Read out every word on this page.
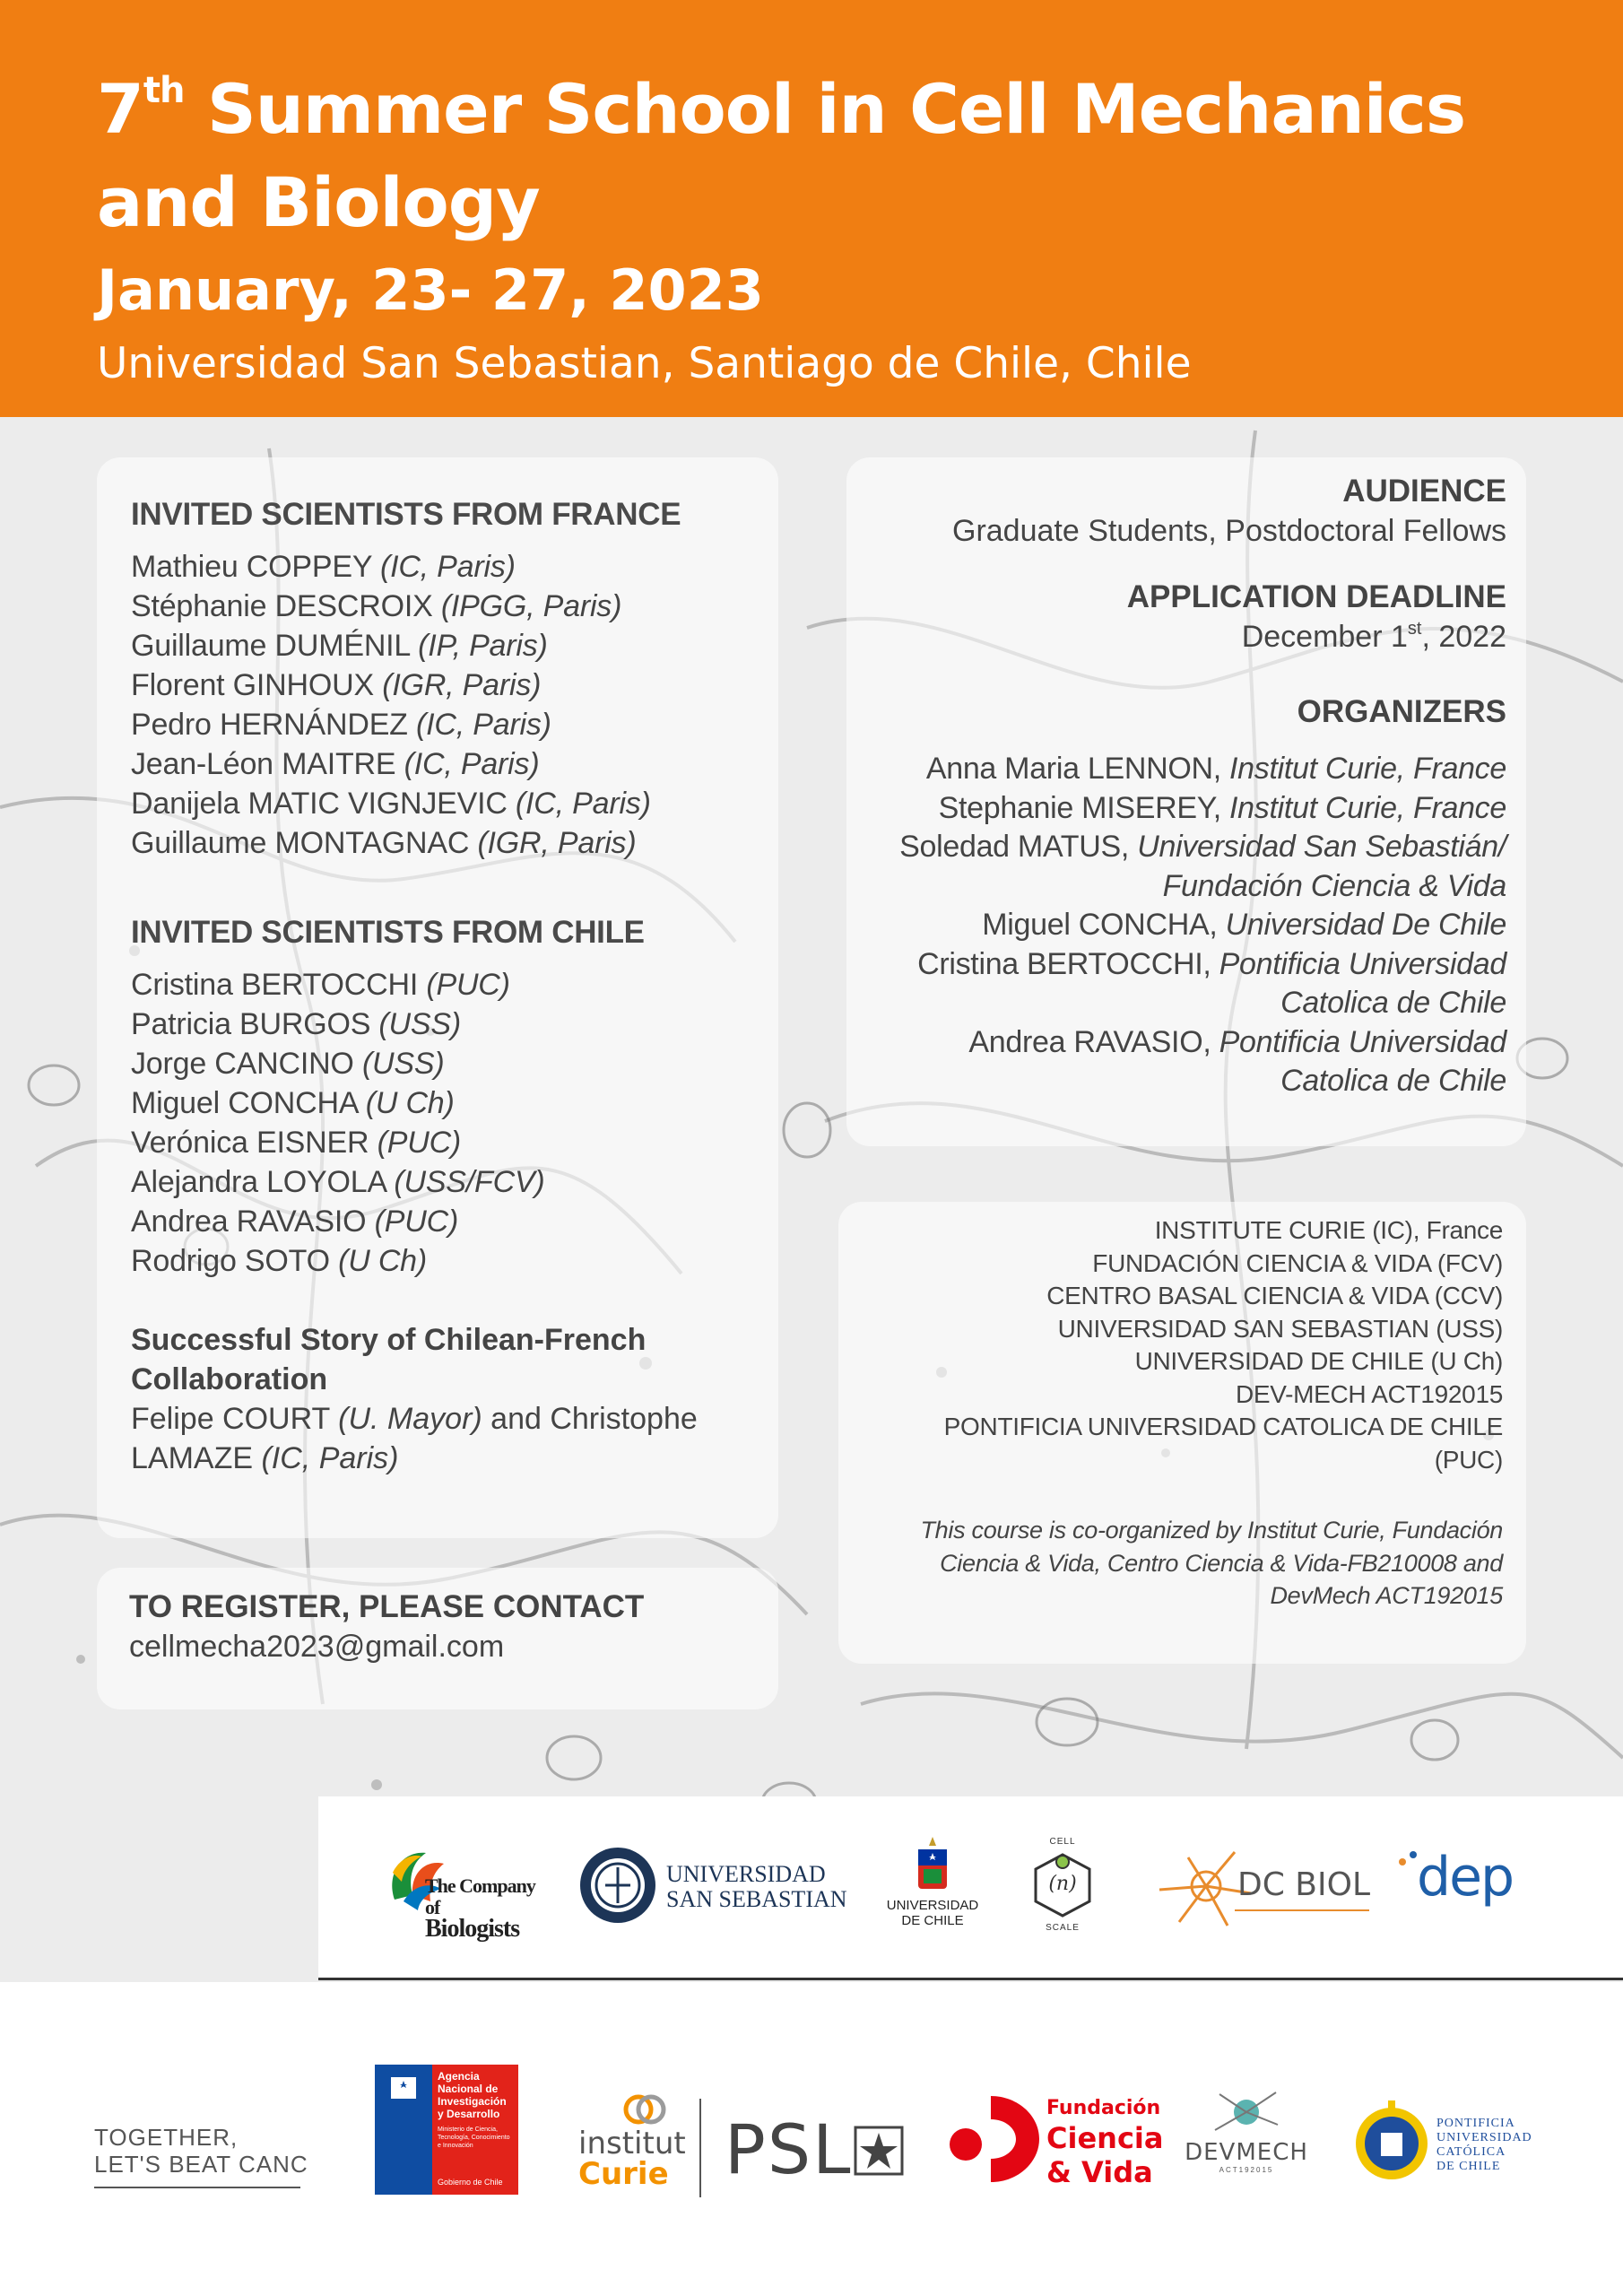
7th Summer School in Cell Mechanics
and Biology
January, 23- 27, 2023
Universidad San Sebastian, Santiago de Chile, Chile
INVITED SCIENTISTS FROM FRANCE
Mathieu COPPEY (IC, Paris)
Stéphanie DESCROIX (IPGG, Paris)
Guillaume DUMÉNIL (IP, Paris)
Florent GINHOUX (IGR, Paris)
Pedro HERNÁNDEZ (IC, Paris)
Jean-Léon MAITRE (IC, Paris)
Danijela MATIC VIGNJEVIC (IC, Paris)
Guillaume MONTAGNAC (IGR, Paris)
INVITED SCIENTISTS FROM CHILE
Cristina BERTOCCHI (PUC)
Patricia BURGOS (USS)
Jorge CANCINO (USS)
Miguel CONCHA (U Ch)
Verónica EISNER (PUC)
Alejandra LOYOLA (USS/FCV)
Andrea RAVASIO (PUC)
Rodrigo SOTO (U Ch)
Successful Story of Chilean-French
Collaboration
Felipe COURT (U. Mayor) and Christophe
LAMAZE (IC, Paris)
TO REGISTER, PLEASE CONTACT
cellmecha2023@gmail.com
AUDIENCE
Graduate Students, Postdoctoral Fellows
APPLICATION DEADLINE
December 1st, 2022
ORGANIZERS
Anna Maria LENNON, Institut Curie, France
Stephanie MISEREY, Institut Curie, France
Soledad MATUS, Universidad San Sebastián/
Fundación Ciencia & Vida
Miguel CONCHA, Universidad De Chile
Cristina BERTOCCHI, Pontificia Universidad
Catolica de Chile
Andrea RAVASIO, Pontificia Universidad
Catolica de Chile
INSTITUTE CURIE (IC), France
FUNDACIÓN CIENCIA & VIDA (FCV)
CENTRO BASAL CIENCIA & VIDA (CCV)
UNIVERSIDAD SAN SEBASTIAN (USS)
UNIVERSIDAD DE CHILE (U Ch)
DEV-MECH ACT192015
PONTIFICIA UNIVERSIDAD CATOLICA DE CHILE
(PUC)
This course is co-organized by Institut Curie, Fundación
Ciencia & Vida, Centro Ciencia & Vida-FB210008 and
DevMech ACT192015
The Company of
Biologists
UNIVERSIDAD
SAN SEBASTIAN	UNIVERSIDAD
DE CHILE
CELL
(n)
SCALE
DC BIOL dep
TOGETHER,
LET'S BEAT CANC
Agencia
Nacional de
Investigación
y Desarrollo
Ministerio de Ciencia,
Tecnología, Conocimiento
e Innovación
Gobierno de Chile
institut
Curie PSL
Fundación
Ciencia
& Vida
DEVMECH
ACT192015
PONTIFICIA
UNIVERSIDAD
CATÓLICA
DE CHILE
